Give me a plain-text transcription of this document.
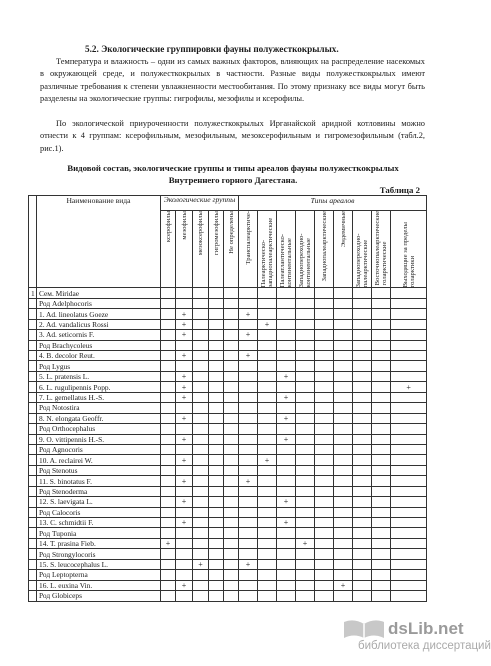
5.2. Экологические группировки фауны полужесткокрылых.
Температура и влажность – одни из самых важных факторов, влияющих на распределение насекомых в окружающей среде, и полужесткокрылых в частности. Разные виды полужесткокрылых имеют различные требования к степени увлажненности местообитания. По этому признаку все виды могут быть разделены на экологические группы: гигрофилы, мезофилы и ксерофилы.
По экологической приуроченности полужесткокрылых Ирганайской аридной котловины можно отнести к 4 группам: ксерофильным, мезофильным, мезоксерофильным и гигромезофильным (табл.2, рис.1).
Видовой состав, экологические группы и типы ареалов фауны полужесткокрылых Внутреннего горного Дагестана.
Таблица 2
	Наименование вида	Экологические группы					Типы ареалов								
		ксерофилы	мезофилы	мезоксерофилы	гигромезофилы	Не определены	Транспалеарктиче-	Палеарктическо-западнопалеарктические	Палеатлантическо-континентальные	Западнопереходно-континентальные	Западнопалеарктические	Эндемичные	Западнопереходно-палеарктические	Восточнопалеарктические голарктические	Выходящие за пределы голарктики
1	Сем. Miridae														
	Род Adelphocoris														
	1. Ad. lineolatus Goeze		+				+								
	2. Ad. vandalicus Rossi		+					+							
	3. Ad. seticornis F.		+				+								
	Род Brachycoleus														
	4. B. decolor Reut.		+				+								
	Род Lygus														
	5. L. pratensis L.		+						+						
	6. L. rugulipennis Popp.		+												+
	7. L. gemellatus H.-S.		+						+						
	Род Notostira														
	8. N. elongata Geoffr.		+						+						
	Род Orthocephalus														
	9. O. vittipennis H.-S.		+						+						
	Род Agnocoris														
	10. A. reclairei W.		+					+							
	Род Stenotus														
	11. S. binotatus F.		+				+								
	Род Stenoderma														
	12. S. laevigata L.		+						+						
	Род Calocoris														
	13. C. schmidtii F.		+						+						
	Род Tuponia														
	14. T. prasina Fieb.	+								+					
	Род Strongylocoris														
	15. S. leucocephalus L.			+			+								
	Род Leptopterna														
	16. L. euxina Vin.		+									+			
	Род Globiceps														
dsLib.net
библиотека диссертаций
